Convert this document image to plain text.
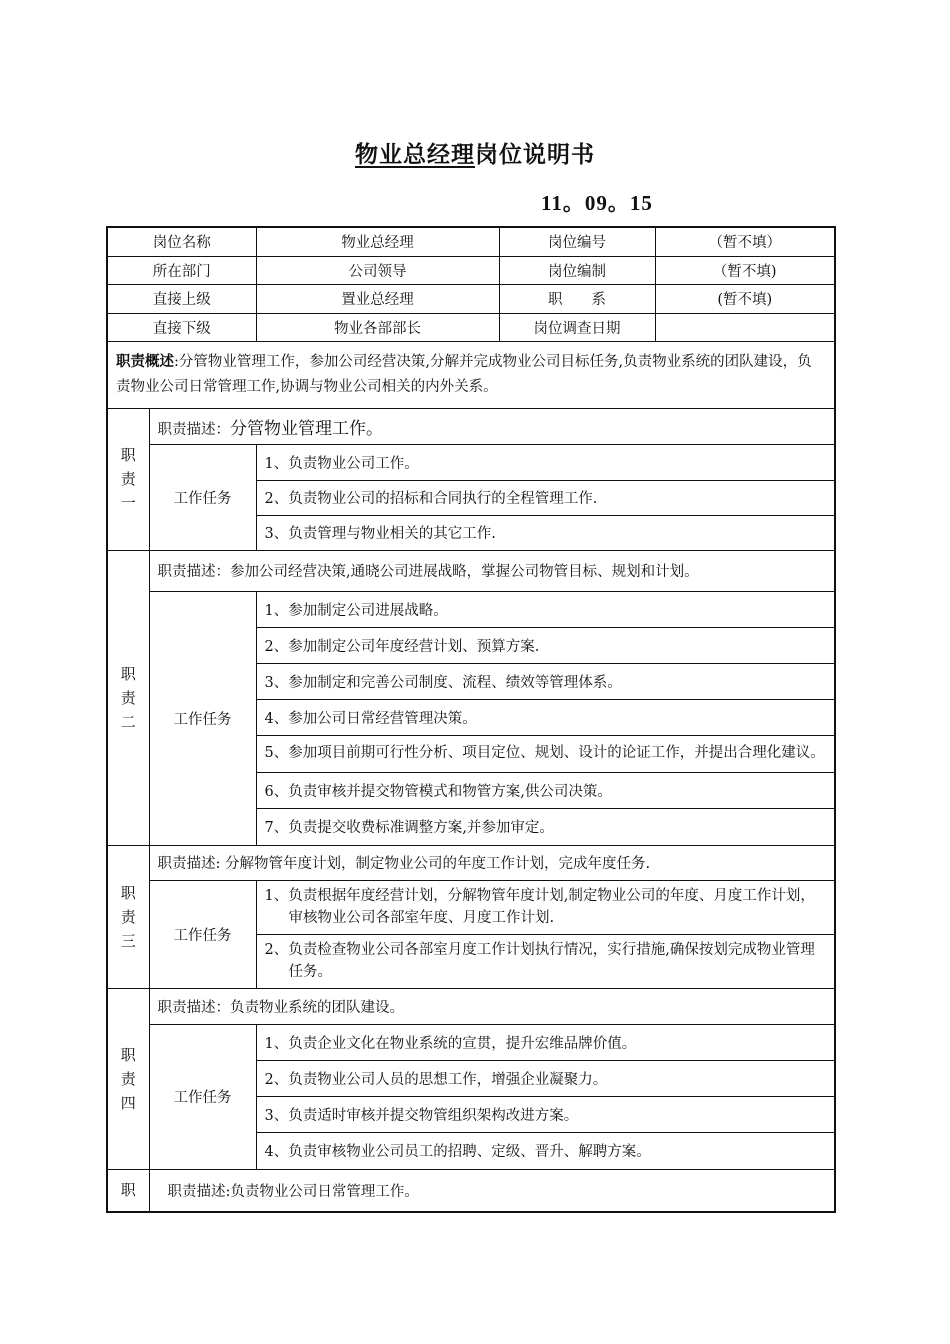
物业总经理岗位说明书
11。09。15
岗位名称		物业总经理	岗位编号	（暂不填）
所在部门		公司领导	岗位编制	（暂不填)
直接上级		置业总经理	职　　系	(暂不填)
直接下级		物业各部部长	岗位调查日期	
职责概述:分管物业管理工作，参加公司经营决策,分解并完成物业公司目标任务,负责物业系统的团队建设，负责物业公司日常管理工作,协调与物业公司相关的内外关系。				
职
责
一	职责描述：分管物业管理工作。			
	工作任务	1、负责物业公司工作。		
		2、负责物业公司的招标和合同执行的全程管理工作.		
		3、负责管理与物业相关的其它工作.		
职
责
二	职责描述：参加公司经营决策,通晓公司进展战略，掌握公司物管目标、规划和计划。			
	工作任务	1、参加制定公司进展战略。		
		2、参加制定公司年度经营计划、预算方案.		
		3、参加制定和完善公司制度、流程、绩效等管理体系。		
		4、参加公司日常经营管理决策。		
		5、参加项目前期可行性分析、项目定位、规划、设计的论证工作，并提出合理化建议。		
		6、负责审核并提交物管模式和物管方案,供公司决策。		
		7、负责提交收费标准调整方案,并参加审定。		
职
责
三	职责描述: 分解物管年度计划，制定物业公司的年度工作计划，完成年度任务.			
	工作任务	1、负责根据年度经营计划，分解物管年度计划,制定物业公司的年度、月度工作计划，审核物业公司各部室年度、月度工作计划.		
		2、负责检查物业公司各部室月度工作计划执行情况，实行措施,确保按划完成物业管理任务。		
职
责
四	职责描述：负责物业系统的团队建设。			
	工作任务	1、负责企业文化在物业系统的宣贯，提升宏维品牌价值。		
		2、负责物业公司人员的思想工作，增强企业凝聚力。		
		3、负责适时审核并提交物管组织架构改进方案。		
		4、负责审核物业公司员工的招聘、定级、晋升、解聘方案。		
职	职责描述:负责物业公司日常管理工作。			
